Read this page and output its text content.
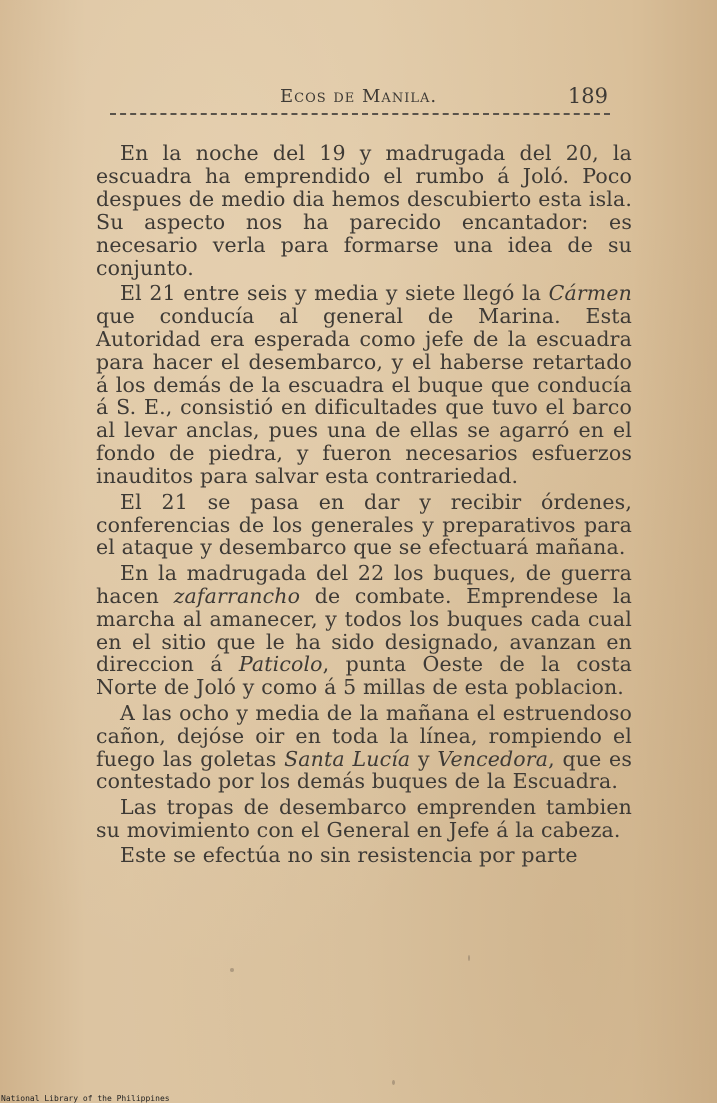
Ecos de Manila.	189

En la noche del 19 y madrugada del 20, la escuadra ha emprendido el rumbo á Joló. Poco despues de medio dia hemos descubierto esta isla. Su aspecto nos ha parecido encantador: es necesario verla para formarse una idea de su conjunto.

El 21 entre seis y media y siete llegó la Cármen que conducía al general de Marina. Esta Autoridad era esperada como jefe de la escuadra para hacer el desembarco, y el haberse retartado á los demás de la escuadra el buque que conducía á S. E., consistió en dificultades que tuvo el barco al levar anclas, pues una de ellas se agarró en el fondo de piedra, y fueron necesarios esfuerzos inauditos para salvar esta contrariedad.

El 21 se pasa en dar y recibir órdenes, conferencias de los generales y preparativos para el ataque y desembarco que se efectuará mañana.

En la madrugada del 22 los buques, de guerra hacen zafarrancho de combate. Emprendese la marcha al amanecer, y todos los buques cada cual en el sitio que le ha sido designado, avanzan en direccion á Paticolo, punta Oeste de la costa Norte de Joló y como á 5 millas de esta poblacion.

A las ocho y media de la mañana el estruendoso cañon, dejóse oir en toda la línea, rompiendo el fuego las goletas Santa Lucía y Vencedora, que es contestado por los demás buques de la Escuadra.

Las tropas de desembarco emprenden tambien su movimiento con el General en Jefe á la cabeza.

Este se efectúa no sin resistencia por parte

National Library of the Philippines
